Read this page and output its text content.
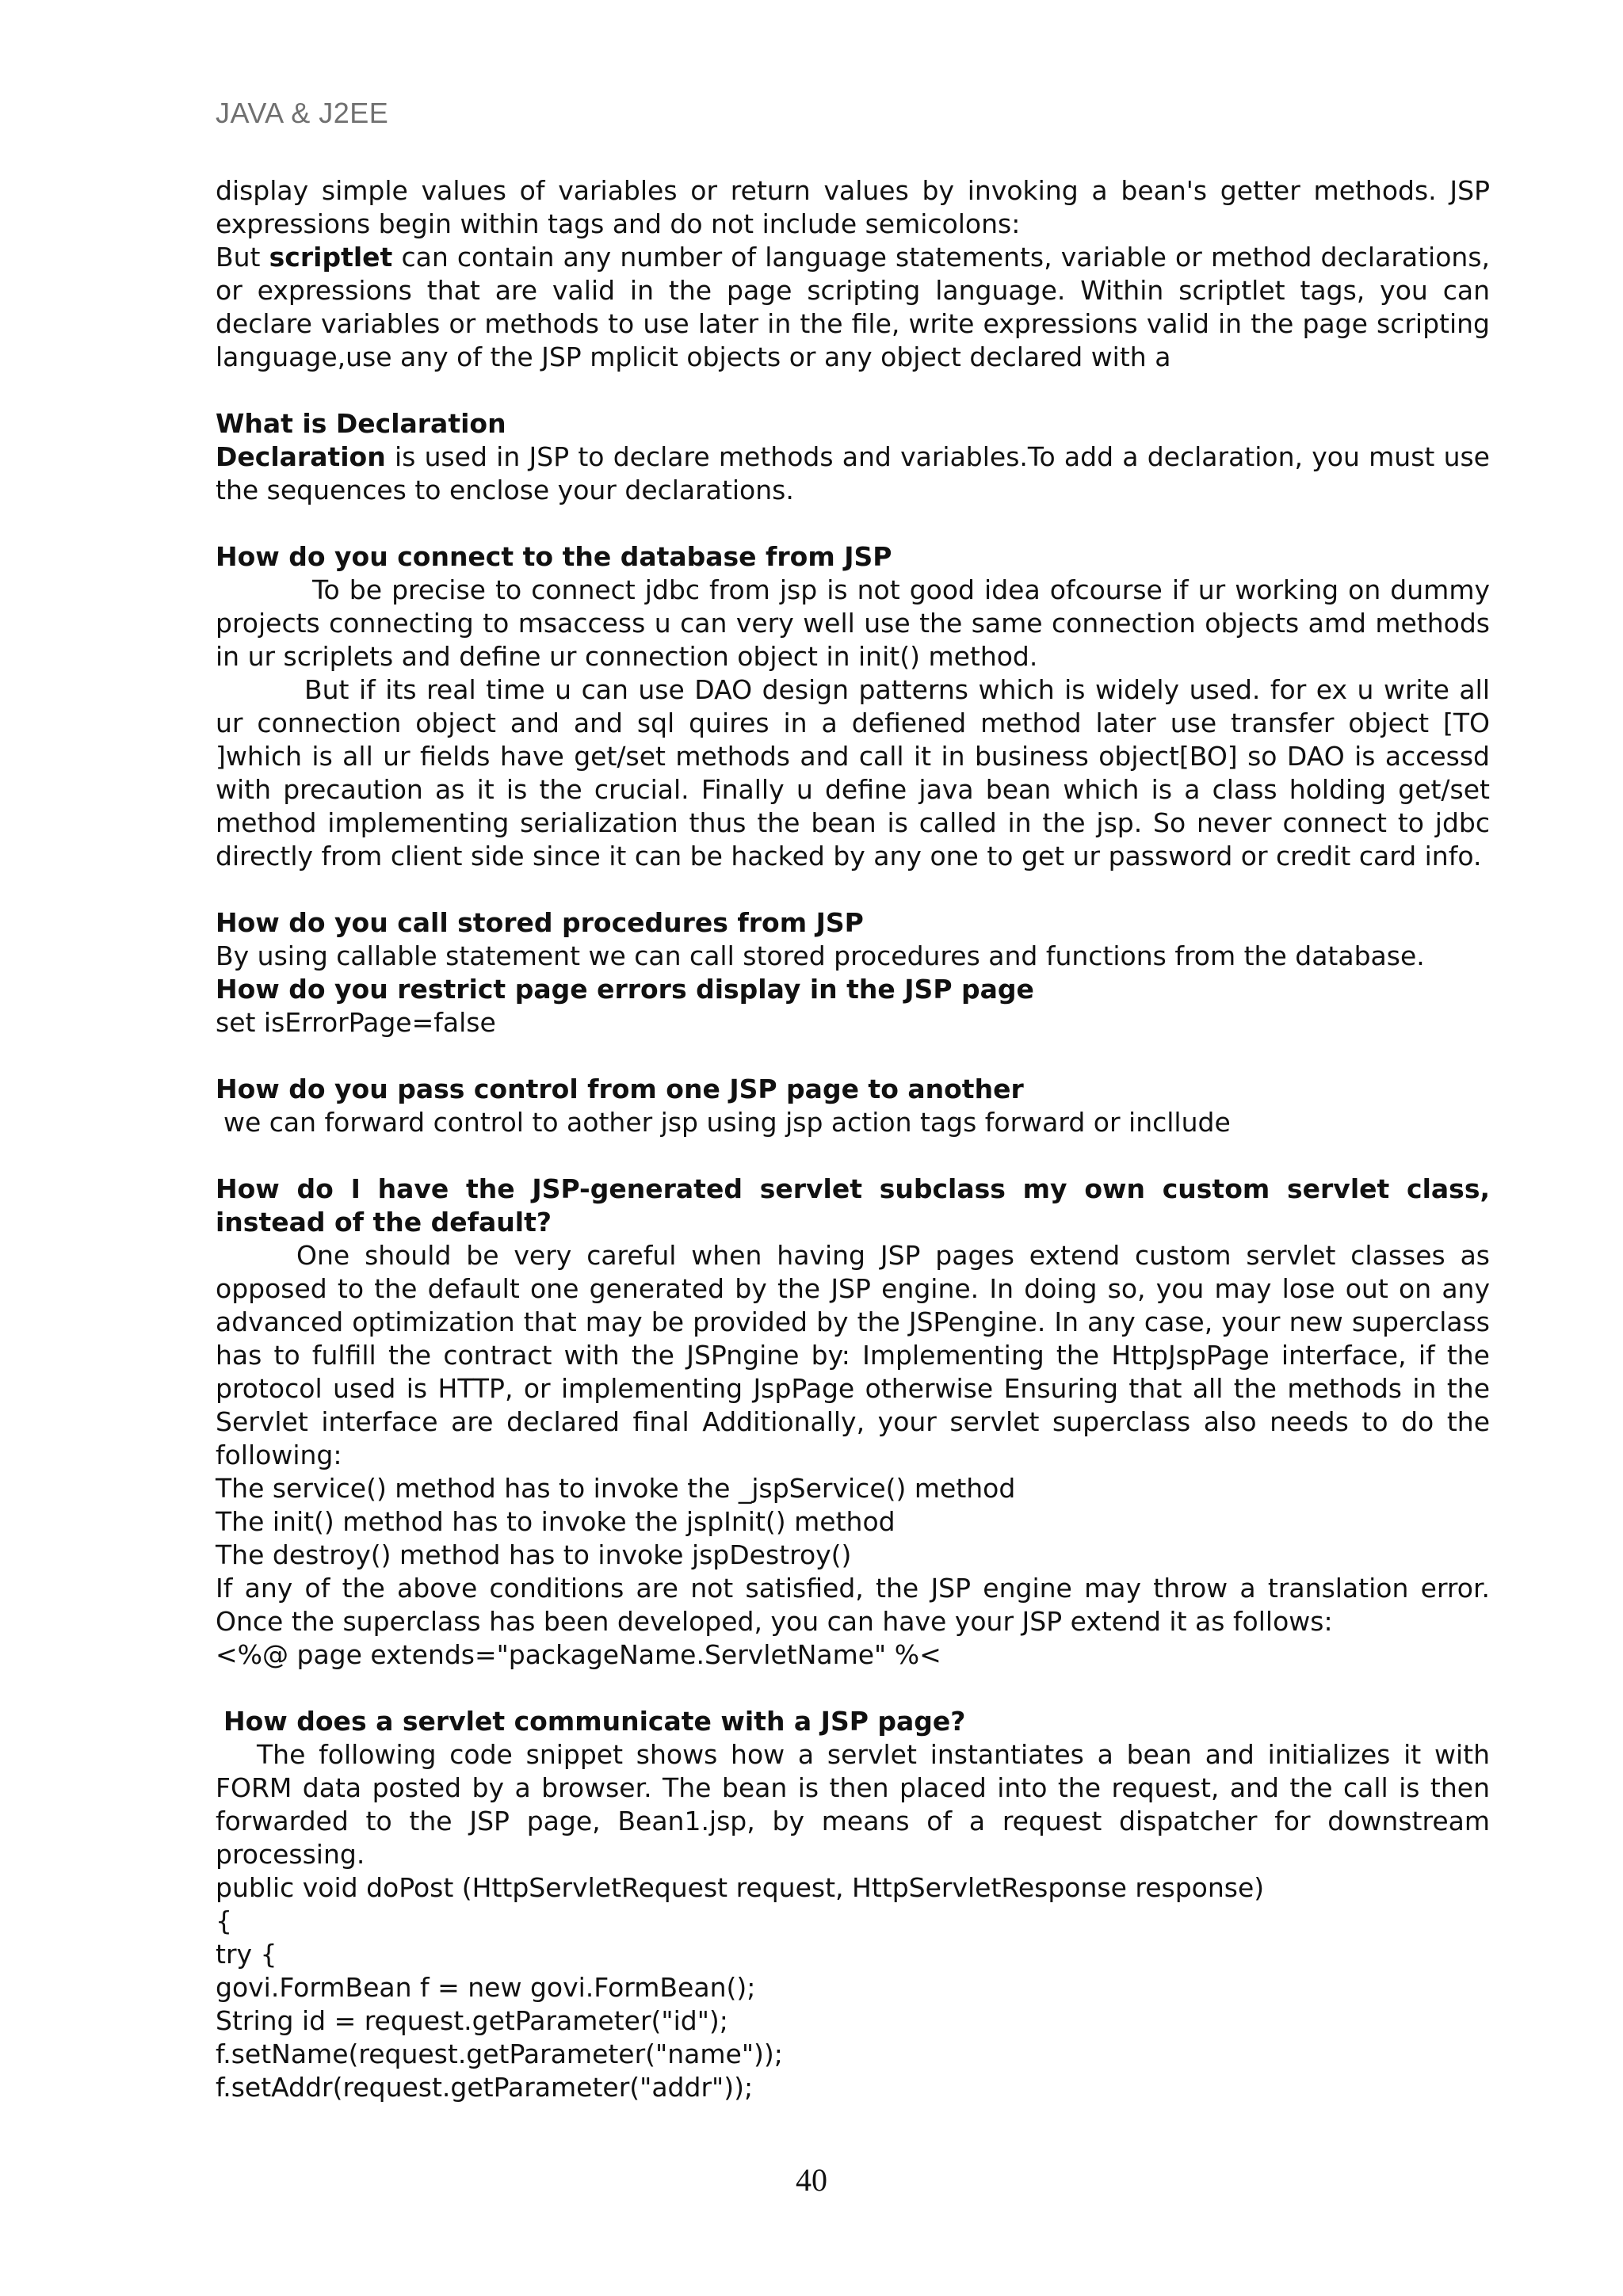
JAVA & J2EE

display simple values of variables or return values by invoking a bean's getter methods. JSP expressions begin within tags and do not include semicolons:

But scriptlet can contain any number of language statements, variable or method declarations, or expressions that are valid in the page scripting language. Within scriptlet tags, you can declare variables or methods to use later in the file, write expressions valid in the page scripting language,use any of the JSP mplicit objects or any object declared with a

What is Declaration

Declaration is used in JSP to declare methods and variables.To add a declaration, you must use the sequences to enclose your declarations.

How do you connect to the database from JSP

To be precise to connect jdbc from jsp is not good idea ofcourse if ur working on dummy projects connecting to msaccess u can very well use the same connection objects amd methods in ur scriplets and define ur connection object in init() method.

But if its real time u can use DAO design patterns which is widely used. for ex u write all ur connection object and and sql quires in a defiened method later use transfer object [TO ]which is all ur fields have get/set methods and call it in business object[BO] so DAO is accessd with precaution as it is the crucial. Finally u define java bean which is a class holding get/set method implementing serialization thus the bean is called in the jsp. So never connect to jdbc directly from client side since it can be hacked by any one to get ur password or credit card info.

How do you call stored procedures from JSP

By using callable statement we can call stored procedures and functions from the database.

How do you restrict page errors display in the JSP page

set isErrorPage=false

How do you pass control from one JSP page to another

we can forward control to aother jsp using jsp action tags forward or incllude

How do I have the JSP-generated servlet subclass my own custom servlet class, instead of the default?

One should be very careful when having JSP pages extend custom servlet classes as opposed to the default one generated by the JSP engine. In doing so, you may lose out on any advanced optimization that may be provided by the JSPengine. In any case, your new superclass has to fulfill the contract with the JSPngine by: Implementing the HttpJspPage interface, if the protocol used is HTTP, or implementing JspPage otherwise Ensuring that all the methods in the Servlet interface are declared final Additionally, your servlet superclass also needs to do the following:

The service() method has to invoke the _jspService() method

The init() method has to invoke the jspInit() method

The destroy() method has to invoke jspDestroy()

If any of the above conditions are not satisfied, the JSP engine may throw a translation error. Once the superclass has been developed, you can have your JSP extend it as follows:

<%@ page extends="packageName.ServletName" %<

How does a servlet communicate with a JSP page?

The following code snippet shows how a servlet instantiates a bean and initializes it with FORM data posted by a browser. The bean is then placed into the request, and the call is then forwarded to the JSP page, Bean1.jsp, by means of a request dispatcher for downstream processing.

public void doPost (HttpServletRequest request, HttpServletResponse response)

{

try {

govi.FormBean f = new govi.FormBean();

String id = request.getParameter("id");

f.setName(request.getParameter("name"));

f.setAddr(request.getParameter("addr"));

40
